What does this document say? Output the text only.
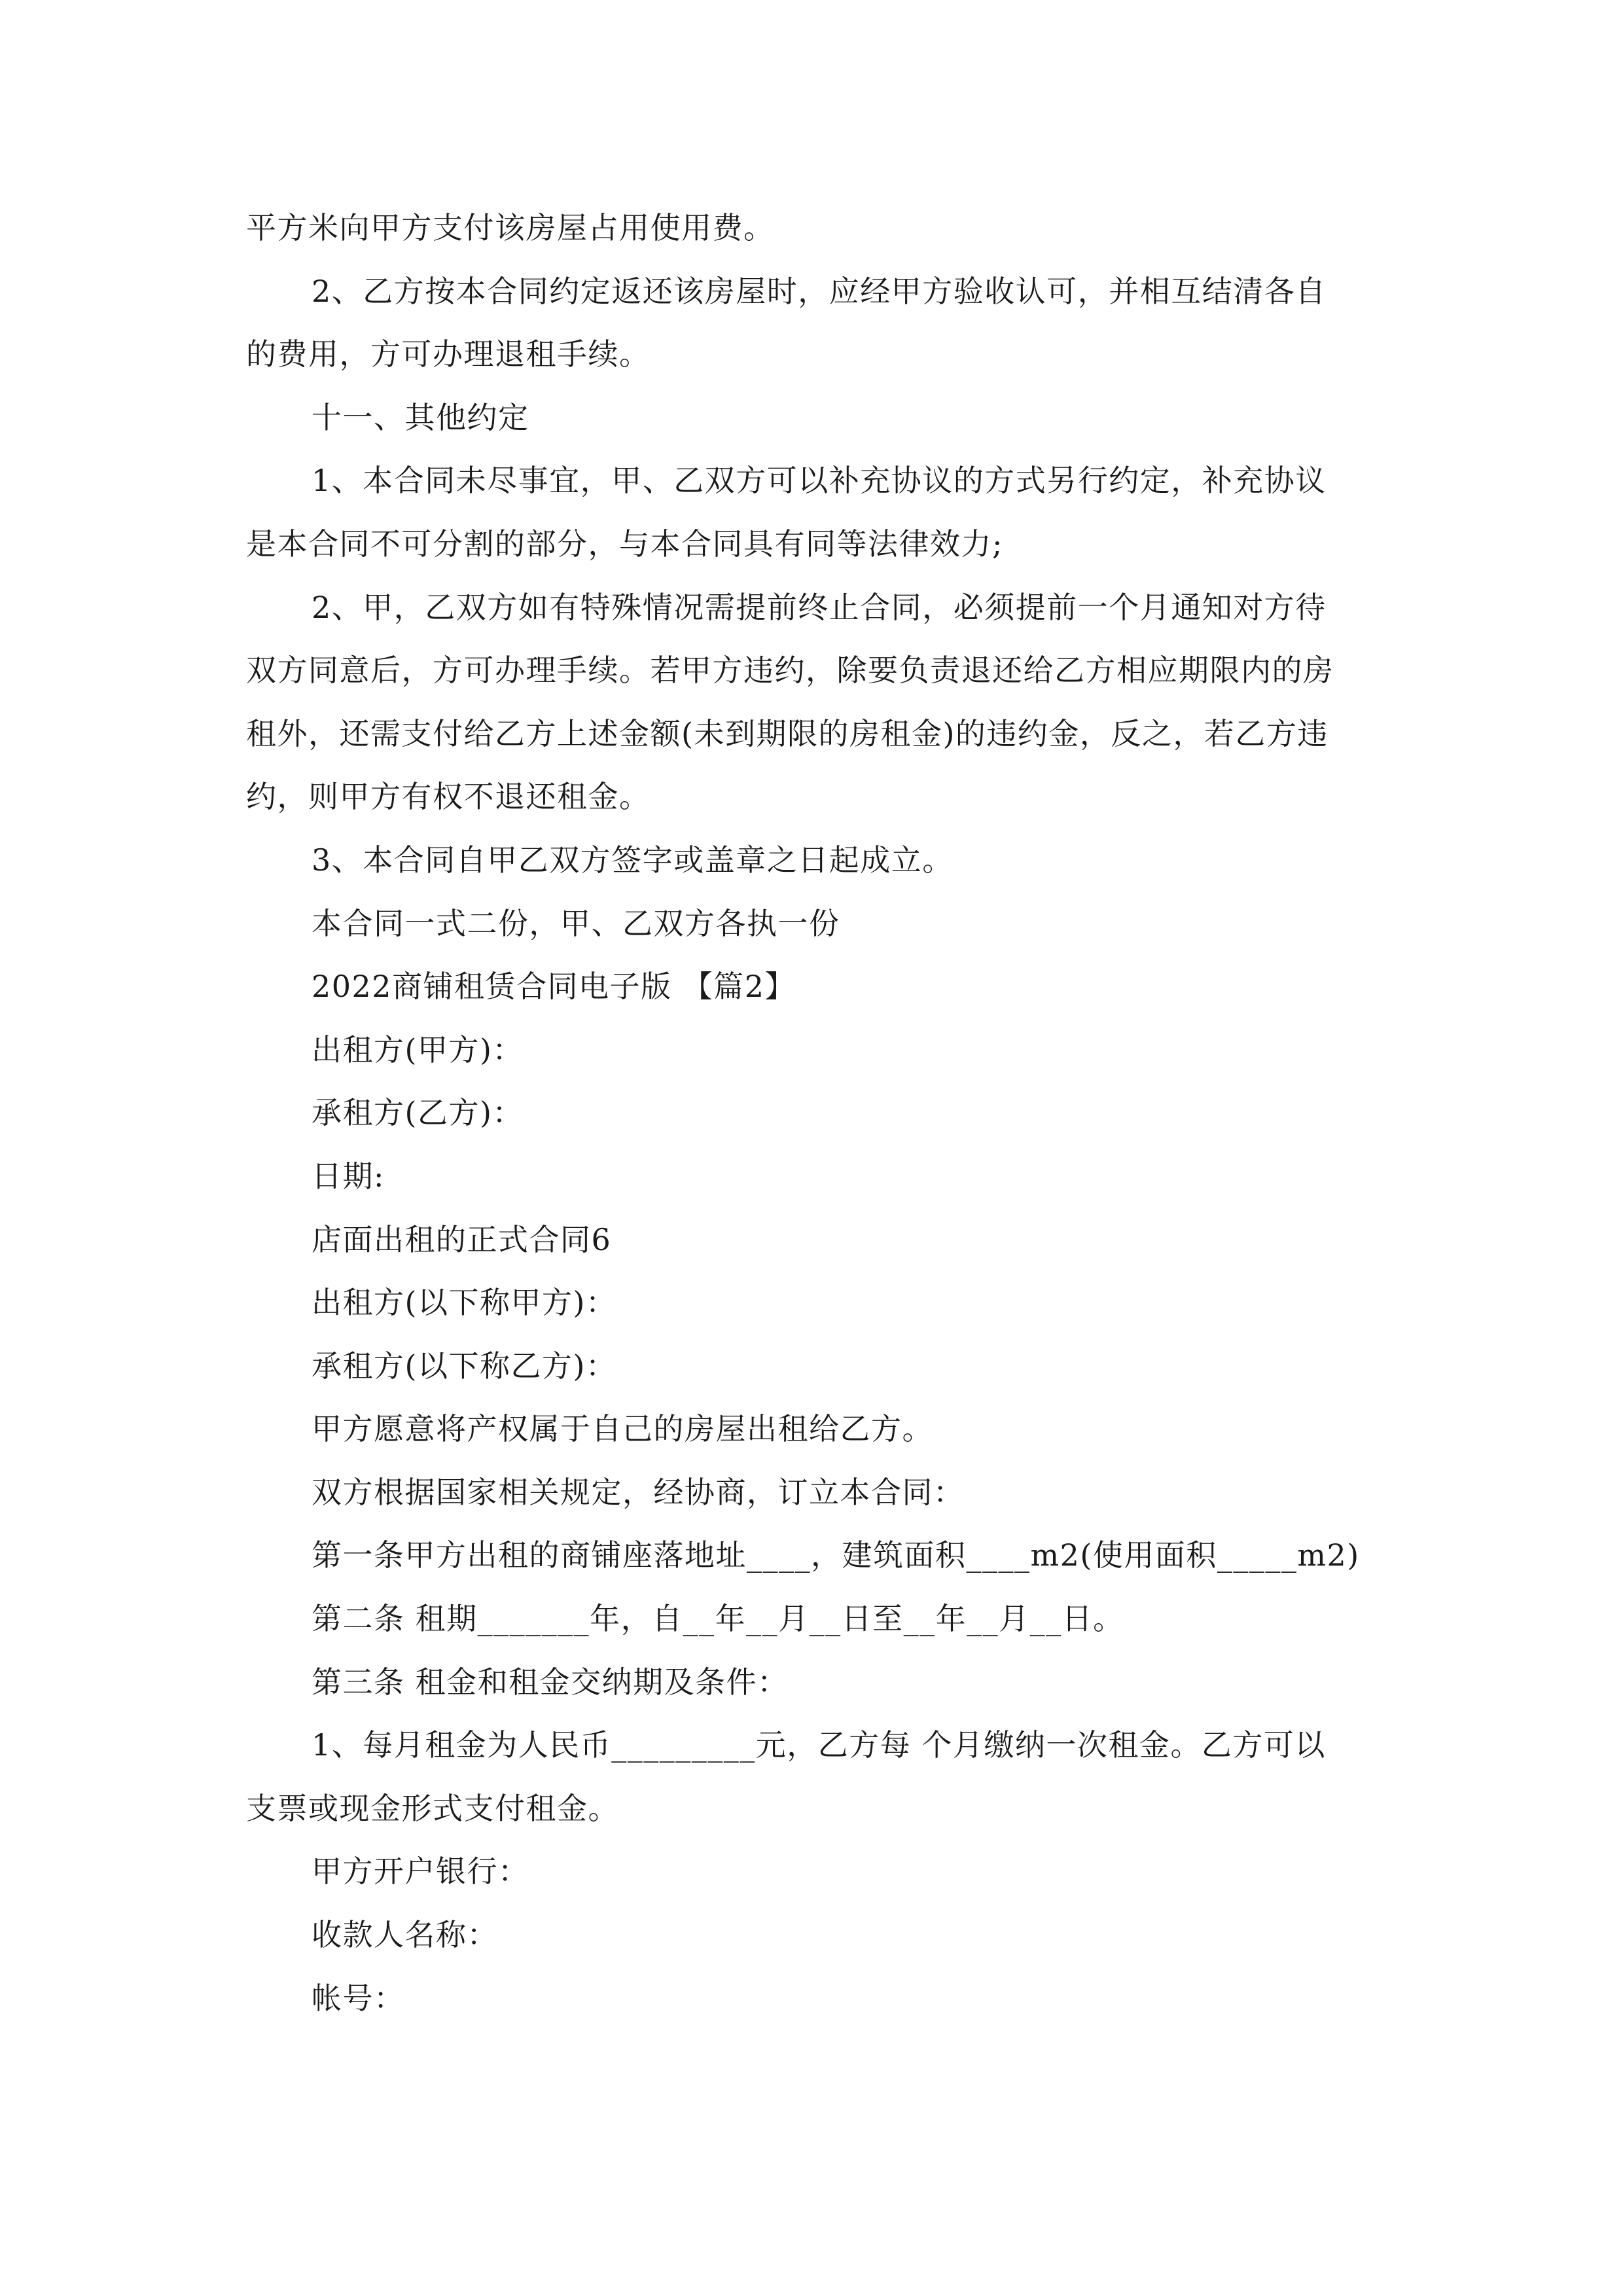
平方米向甲方支付该房屋占用使用费。

2、乙方按本合同约定返还该房屋时，应经甲方验收认可，并相互结清各自

的费用，方可办理退租手续。

十一、其他约定

1、本合同未尽事宜，甲、乙双方可以补充协议的方式另行约定，补充协议

是本合同不可分割的部分，与本合同具有同等法律效力;

2、甲，乙双方如有特殊情况需提前终止合同，必须提前一个月通知对方待

双方同意后，方可办理手续。若甲方违约，除要负责退还给乙方相应期限内的房

租外，还需支付给乙方上述金额(未到期限的房租金)的违约金，反之，若乙方违

约，则甲方有权不退还租金。

3、本合同自甲乙双方签字或盖章之日起成立。

本合同一式二份，甲、乙双方各执一份

2022商铺租赁合同电子版 【篇2】

出租方(甲方)：

承租方(乙方)：

日期:

店面出租的正式合同6

出租方(以下称甲方)：

承租方(以下称乙方)：

甲方愿意将产权属于自己的房屋出租给乙方。

双方根据国家相关规定，经协商，订立本合同：

第一条甲方出租的商铺座落地址____，建筑面积____m2(使用面积_____m2)

第二条 租期_______年，自__年__月__日至__年__月__日。

第三条 租金和租金交纳期及条件：

1、每月租金为人民币_________元，乙方每 个月缴纳一次租金。乙方可以

支票或现金形式支付租金。

甲方开户银行：

收款人名称：

帐号：
